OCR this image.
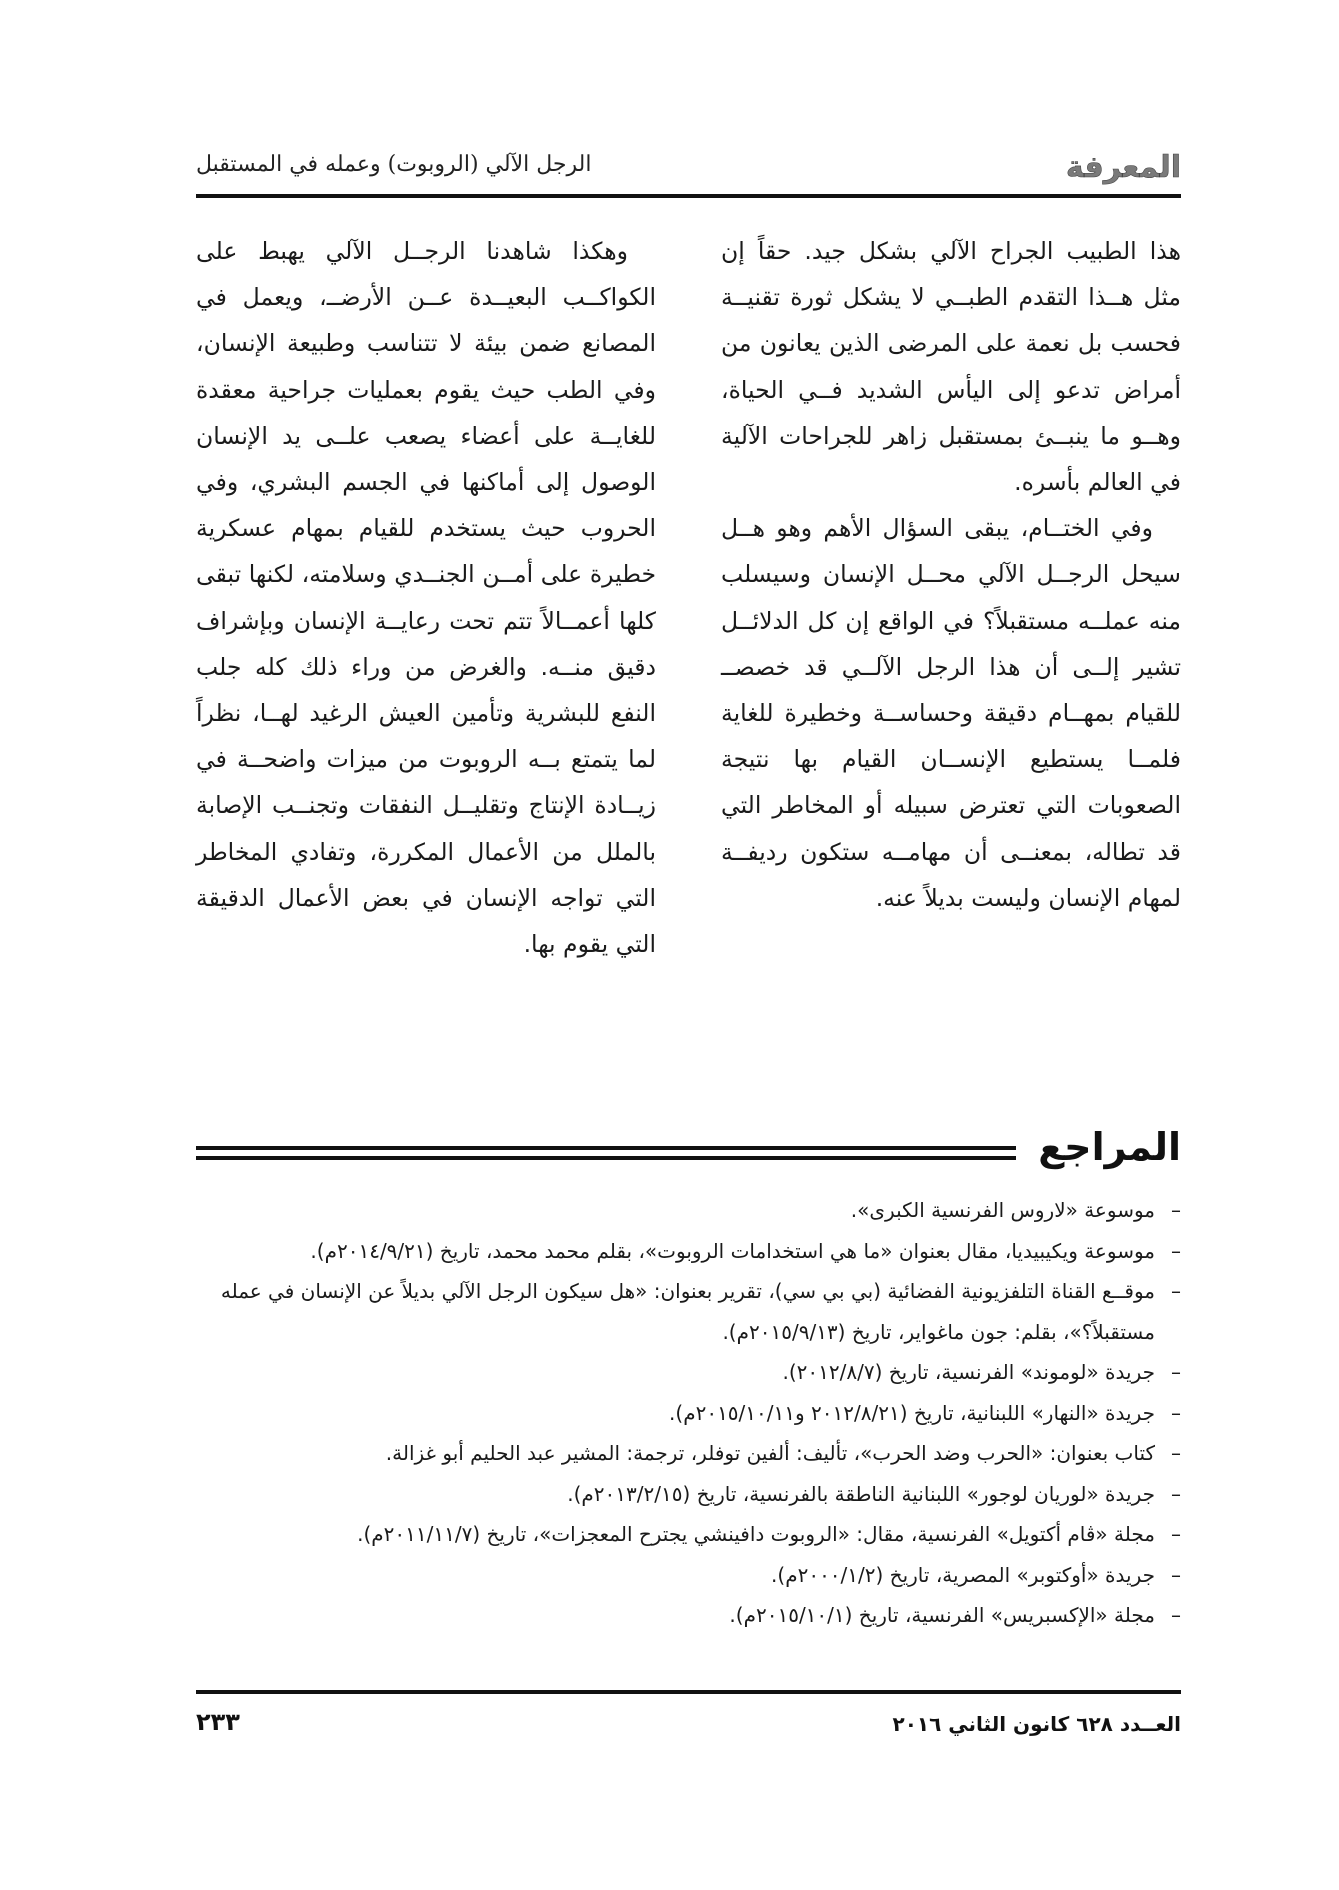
المعرفة
الرجل الآلي (الروبوت) وعمله في المستقبل

هذا الطبيب الجراح الآلي بشكل جيد. حقاً إن مثل هــذا التقدم الطبــي لا يشكل ثورة تقنيــة فحسب بل نعمة على المرضى الذين يعانون من أمراض تدعو إلى اليأس الشديد فــي الحياة، وهــو ما ينبــئ بمستقبل زاهر للجراحات الآلية في العالم بأسره.

وفي الختــام، يبقى السؤال الأهم وهو هــل سيحل الرجــل الآلي محــل الإنسان وسيسلب منه عملــه مستقبلاً؟ في الواقع إن كل الدلائــل تشير إلــى أن هذا الرجل الآلــي قد خصصــ للقيام بمهــام دقيقة وحساســة وخطيرة للغاية فلمــا يستطيع الإنســان القيام بها نتيجة الصعوبات التي تعترض سبيله أو المخاطر التي قد تطاله، بمعنــى أن مهامــه ستكون رديفــة لمهام الإنسان وليست بديلاً عنه.

وهكذا شاهدنا الرجــل الآلي يهبط على الكواكــب البعيــدة عــن الأرضــ، ويعمل في المصانع ضمن بيئة لا تتناسب وطبيعة الإنسان، وفي الطب حيث يقوم بعمليات جراحية معقدة للغايــة على أعضاء يصعب علــى يد الإنسان الوصول إلى أماكنها في الجسم البشري، وفي الحروب حيث يستخدم للقيام بمهام عسكرية خطيرة على أمــن الجنــدي وسلامته، لكنها تبقى كلها أعمــالاً تتم تحت رعايــة الإنسان وبإشراف دقيق منــه. والغرض من وراء ذلك كله جلب النفع للبشرية وتأمين العيش الرغيد لهــا، نظراً لما يتمتع بــه الروبوت من ميزات واضحــة في زيــادة الإنتاج وتقليــل النفقات وتجنــب الإصابة بالملل من الأعمال المكررة، وتفادي المخاطر التي تواجه الإنسان في بعض الأعمال الدقيقة التي يقوم بها.

المراجع
–موسوعة «لاروس الفرنسية الكبرى».
–موسوعة ويكيبيديا، مقال بعنوان «ما هي استخدامات الروبوت»، بقلم محمد محمد، تاريخ (٢٠١٤/٩/٢١م).
–موقــع القناة التلفزيونية الفضائية (بي بي سي)، تقرير بعنوان: «هل سيكون الرجل الآلي بديلاً عن الإنسان في عمله مستقبلاً؟»، بقلم: جون ماغواير، تاريخ (٢٠١٥/٩/١٣م).
–جريدة «لوموند» الفرنسية، تاريخ (٢٠١٢/٨/٧).
–جريدة «النهار» اللبنانية، تاريخ (٢٠١٢/٨/٢١ و٢٠١٥/١٠/١١م).
–كتاب بعنوان: «الحرب وضد الحرب»، تأليف: ألفين توفلر، ترجمة: المشير عبد الحليم أبو غزالة.
–جريدة «لوريان لوجور» اللبنانية الناطقة بالفرنسية، تاريخ (٢٠١٣/٢/١٥م).
–مجلة «ڤام أكتويل» الفرنسية، مقال: «الروبوت دافينشي يجترح المعجزات»، تاريخ (٢٠١١/١١/٧م).
–جريدة «أوكتوبر» المصرية، تاريخ (٢٠٠٠/١/٢م).
–مجلة «الإكسبريس» الفرنسية، تاريخ (٢٠١٥/١٠/١م).
العــدد ٦٢٨ كانون الثاني ٢٠١٦
٢٣٣
